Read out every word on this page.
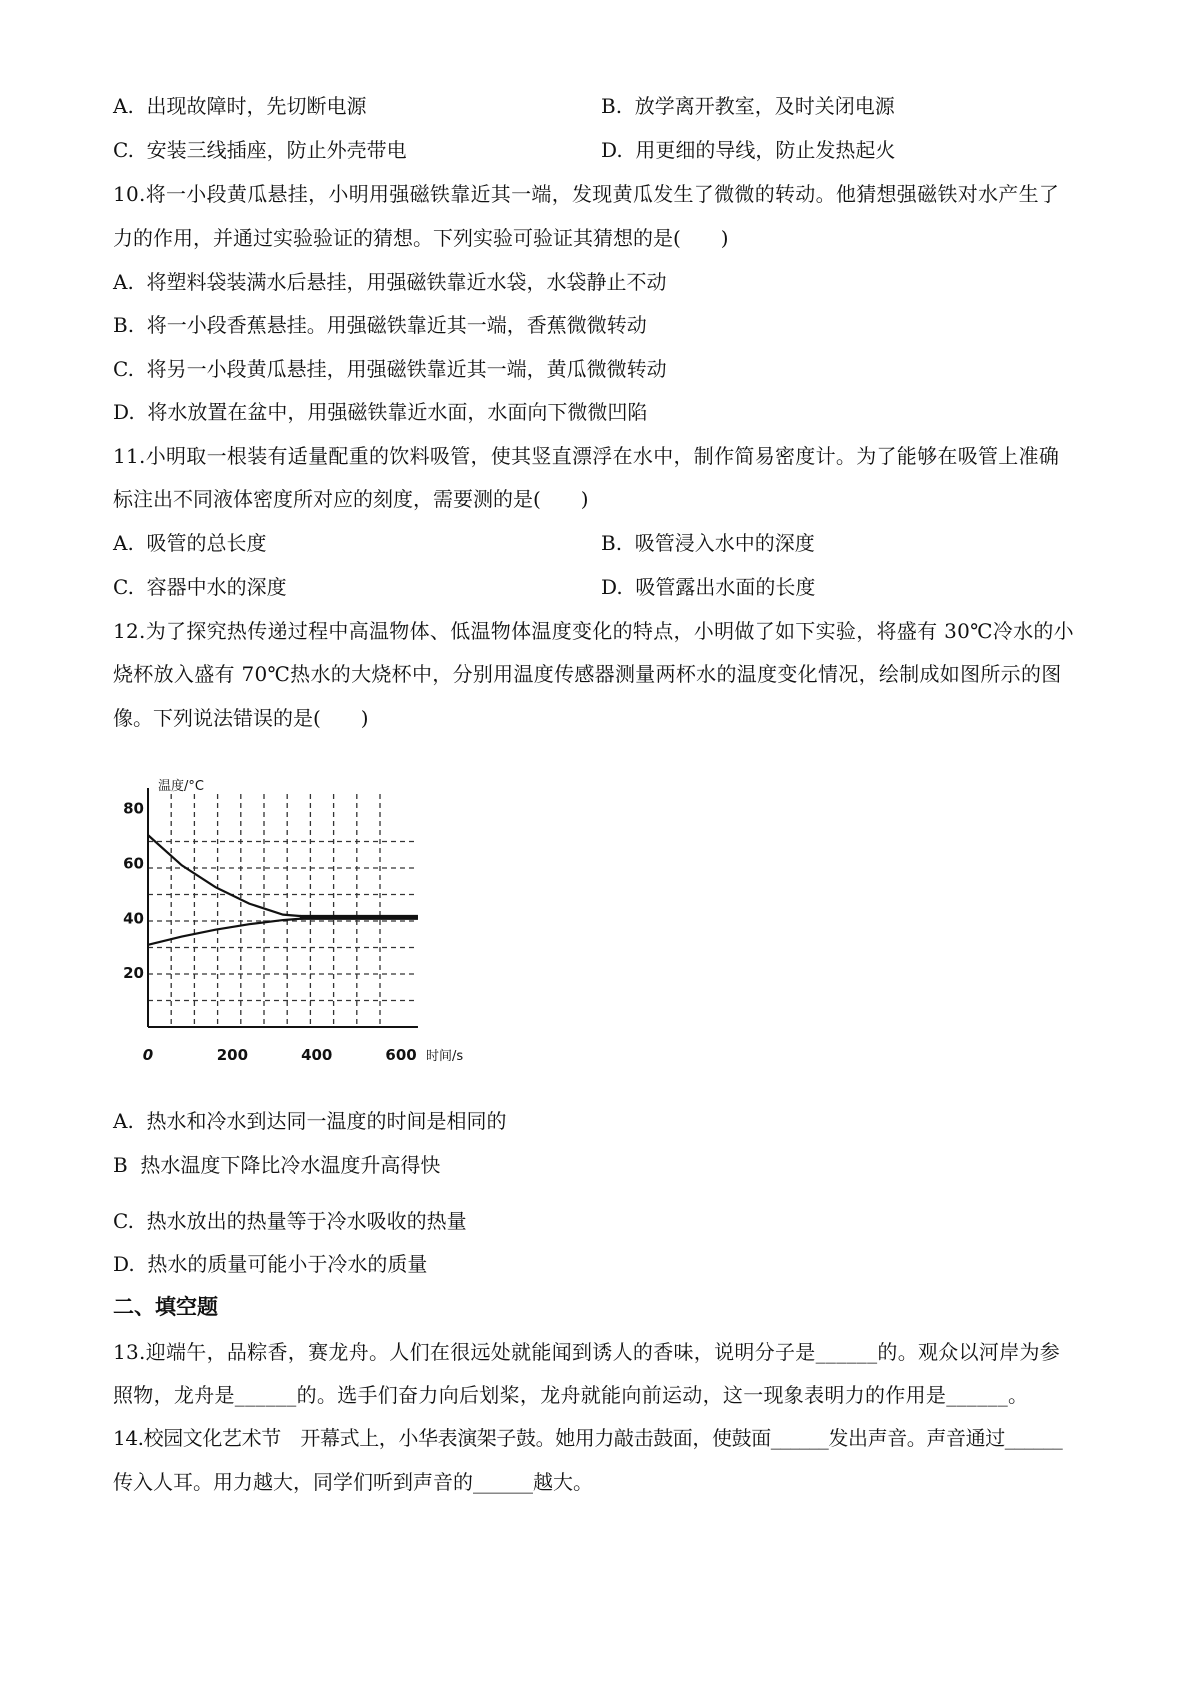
A. 出现故障时，先切断电源	B. 放学离开教室，及时关闭电源
C. 安装三线插座，防止外壳带电	D. 用更细的导线，防止发热起火
10.将一小段黄瓜悬挂，小明用强磁铁靠近其一端，发现黄瓜发生了微微的转动。他猜想强磁铁对水产生了
力的作用，并通过实验验证的猜想。下列实验可验证其猜想的是(　　)
A. 将塑料袋装满水后悬挂，用强磁铁靠近水袋，水袋静止不动
B. 将一小段香蕉悬挂。用强磁铁靠近其一端，香蕉微微转动
C. 将另一小段黄瓜悬挂，用强磁铁靠近其一端，黄瓜微微转动
D. 将水放置在盆中，用强磁铁靠近水面，水面向下微微凹陷
11.小明取一根装有适量配重的饮料吸管，使其竖直漂浮在水中，制作简易密度计。为了能够在吸管上准确
标注出不同液体密度所对应的刻度，需要测的是(　　)
A. 吸管的总长度	B. 吸管浸入水中的深度
C. 容器中水的深度	D. 吸管露出水面的长度
12.为了探究热传递过程中高温物体、低温物体温度变化的特点，小明做了如下实验，将盛有 30℃冷水的小
烧杯放入盛有 70℃热水的大烧杯中，分别用温度传感器测量两杯水的温度变化情况，绘制成如图所示的图
像。下列说法错误的是(　　)
20
40
60
80
0	200	400	600
温度/°C
时间/s
A. 热水和冷水到达同一温度的时间是相同的
B 热水温度下降比冷水温度升高得快
C. 热水放出的热量等于冷水吸收的热量
D. 热水的质量可能小于冷水的质量
二、填空题
13.迎端午，品粽香，赛龙舟。人们在很远处就能闻到诱人的香味，说明分子是______的。观众以河岸为参
照物，龙舟是______的。选手们奋力向后划桨，龙舟就能向前运动，这一现象表明力的作用是______。
14.校园文化艺术节　开幕式上，小华表演架子鼓。她用力敲击鼓面，使鼓面______发出声音。声音通过______
传入人耳。用力越大，同学们听到声音的______越大。
